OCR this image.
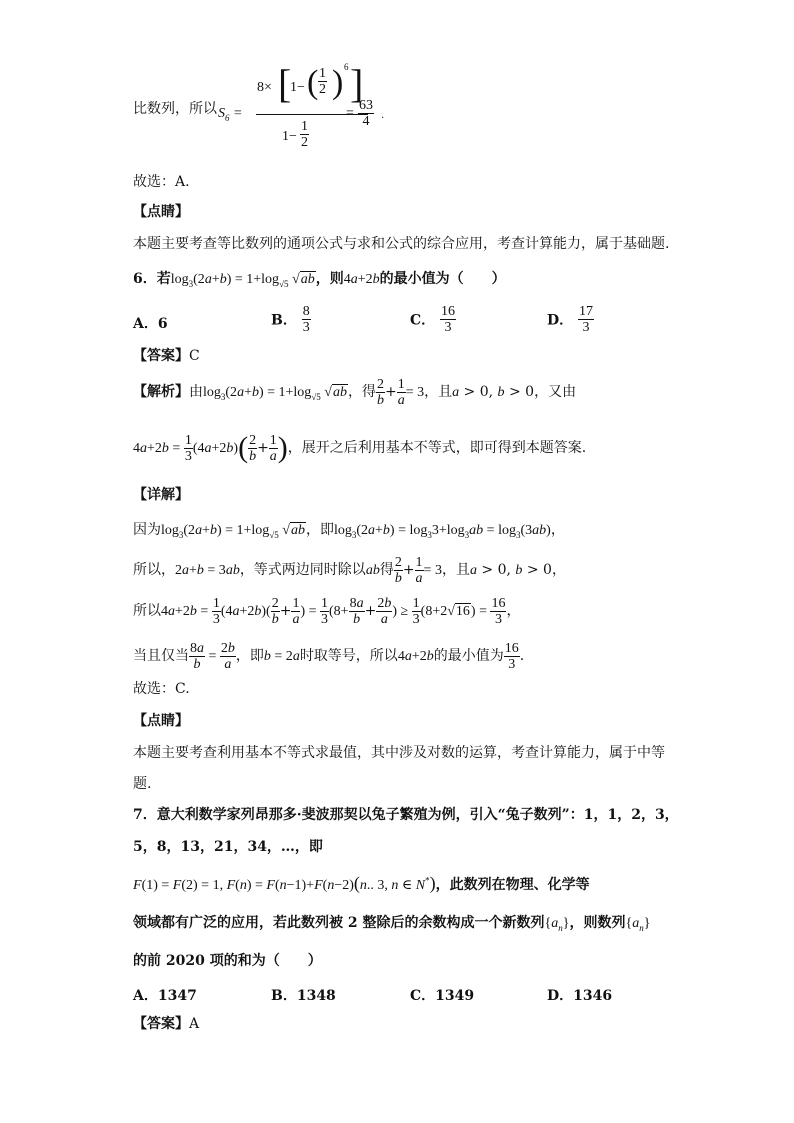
比数列，所以 $S_6$ =
8× [
1− ( $\frac{1}{2}$ ) 6 ]
$1- \frac{1}{2}$
= $\frac{63}{4}$ .
故选：A.
【点睛】
本题主要考查等比数列的通项公式与求和公式的综合应用，考查计算能力，属于基础题.
6．若$\log_3(2a+b) = 1+\log_{√5}$ √ab，则4a+2b的最小值为（　　）
A．6	B． $\frac{8}{3}$	C． $\frac{16}{3}$	D． $\frac{17}{3}$
【答案】C
【解析】由$\log_3(2a+b) = 1+\log_{√5}$ √ab，得 $\frac{2}{b} + \frac{1}{a} = 3$，且a > 0, b > 0，又由
$4a+2b = \frac{1}{3} (4a+2b)( \frac{2}{b} + \frac{1}{a}$ )，展开之后利用基本不等式，即可得到本题答案.
【详解】
因为$\log_3(2a+b) = 1+\log_{√5}$ √ab，即$\log_3(2a+b) = \log_33+\log_3ab = \log_3(3ab)$，
所以，2a+b = 3ab，等式两边同时除以ab得 $\frac{2}{b} + \frac{1}{a} = 3$，且a > 0, b > 0，
所以$4a+2b = \frac{1}{3} (4a+2b)( \frac{2}{b} + \frac{1}{a}$ ) = $\frac{1}{3} (8+ \frac{8a}{b} + \frac{2b}{a}$ ) ≥ $\frac{1}{3} (8+2√16) = \frac{16}{3}$ ，
当且仅当 $\frac{8a}{b} = \frac{2b}{a}$ ，即b = 2a时取等号，所以4a+2b的最小值为 $\frac{16}{3}$ .
故选：C.
【点睛】
本题主要考查利用基本不等式求最值，其中涉及对数的运算，考查计算能力，属于中等
题.
7．意大利数学家列昂那多·斐波那契以兔子繁殖为例，引入“兔子数列”：1，1，2，3，
5，8，13，21，34，…，即
F(1) = F(2) = 1, F(n) = F(n−1)+F(n−2)(n.. 3, n ∈ N*)，此数列在物理、化学等
领域都有广泛的应用，若此数列被 2 整除后的余数构成一个新数列$\{a_n\}$，则数列$\{a_n\}$
的前 2020 项的和为（　　）
A．1347	B．1348	C．1349	D．1346
【答案】A
